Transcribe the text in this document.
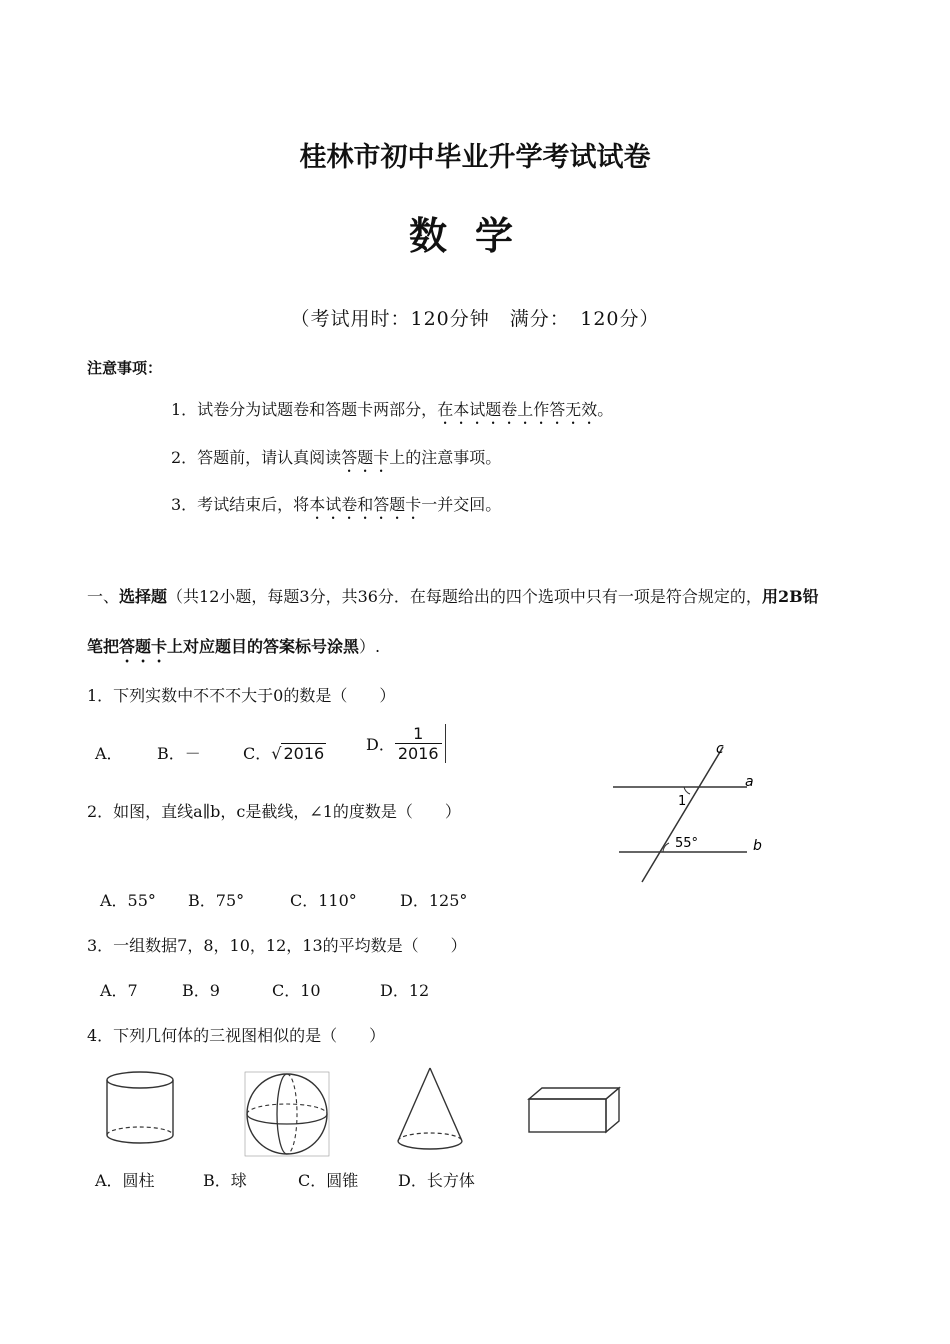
桂林市初中毕业升学考试试卷
数学
（考试用时：120分钟　满分：　120分）
注意事项：
1．试卷分为试题卷和答题卡两部分，在本试题卷上作答无效。
2．答题前，请认真阅读答题卡上的注意事项。
3．考试结束后，将本试卷和答题卡一并交回。
一、选择题（共12小题，每题3分，共36分．在每题给出的四个选项中只有一项是符合规定的，用2B铅
笔把答题卡上对应题目的答案标号涂黑）.
1．下列实数中不不不大于0的数是（　　）
A． B．－	C．√ 2016	D． $\frac{1}{2016}$
2．如图，直线a∥b，c是截线，∠1的度数是（　　）
c
a
b
1
55°
A．55° B．75°	C．110°	D．125°
3．一组数据7，8，10，12，13的平均数是（　　）
A．7	B．9	C．10	D．12
4．下列几何体的三视图相似的是（　　）
A．圆柱	B．球	C．圆锥 D．长方体
